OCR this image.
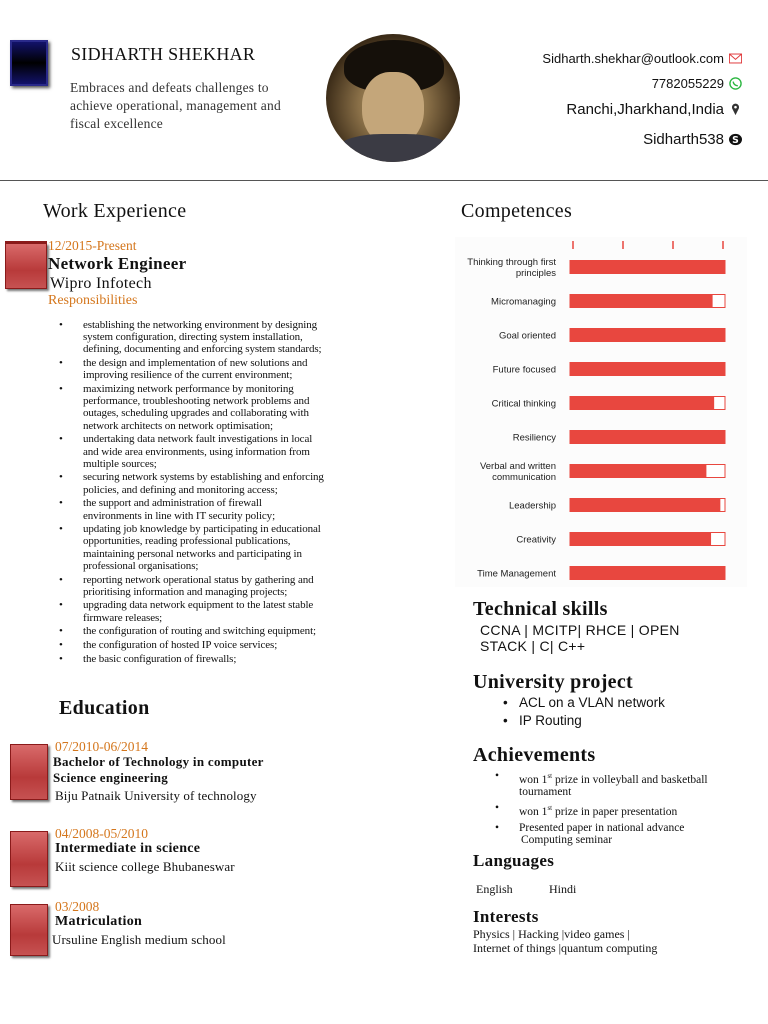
SIDHARTH SHEKHAR
Embraces and defeats challenges to achieve operational, management and fiscal excellence
Sidharth.shekhar@outlook.com
7782055229
Ranchi,Jharkhand,India
Sidharth538 S
Work Experience
12/2015-Present
Network Engineer
Wipro Infotech
Responsibilities
• establishing the networking environment by designing
system configuration, directing system installation,
defining, documenting and enforcing system standards;
• the design and implementation of new solutions and
improving resilience of the current environment;
• maximizing network performance by monitoring
performance, troubleshooting network problems and
outages, scheduling upgrades and collaborating with
network architects on network optimisation;
• undertaking data network fault investigations in local
and wide area environments, using information from
multiple sources;
• securing network systems by establishing and enforcing
policies, and defining and monitoring access;
• the support and administration of firewall
environments in line with IT security policy;
• updating job knowledge by participating in educational
opportunities, reading professional publications,
maintaining personal networks and participating in
professional organisations;
• reporting network operational status by gathering and
prioritising information and managing projects;
• upgrading data network equipment to the latest stable
firmware releases;
• the configuration of routing and switching equipment;
• the configuration of hosted IP voice services;
• the basic configuration of firewalls;
Education
07/2010-06/2014
Bachelor of Technology in computer
Science engineering
Biju Patnaik University of technology
04/2008-05/2010
Intermediate in science
Kiit science college Bhubaneswar
03/2008
Matriculation
Ursuline English medium school
Competences
Thinking through first
principles
Micromanaging
Goal oriented
Future focused
Critical thinking
Resiliency
Verbal and written
communication
Leadership
Creativity
Time Management
Technical skills
CCNA | MCITP| RHCE | OPEN
STACK | C| C++
University project
• ACL on a VLAN network
• IP Routing
Achievements
• won 1st prize in volleyball and basketball
tournament
• won 1st prize in paper presentation
• Presented paper in national advance
Computing seminar
Languages
English	Hindi
Interests
Physics | Hacking |video games |
Internet of things |quantum computing
